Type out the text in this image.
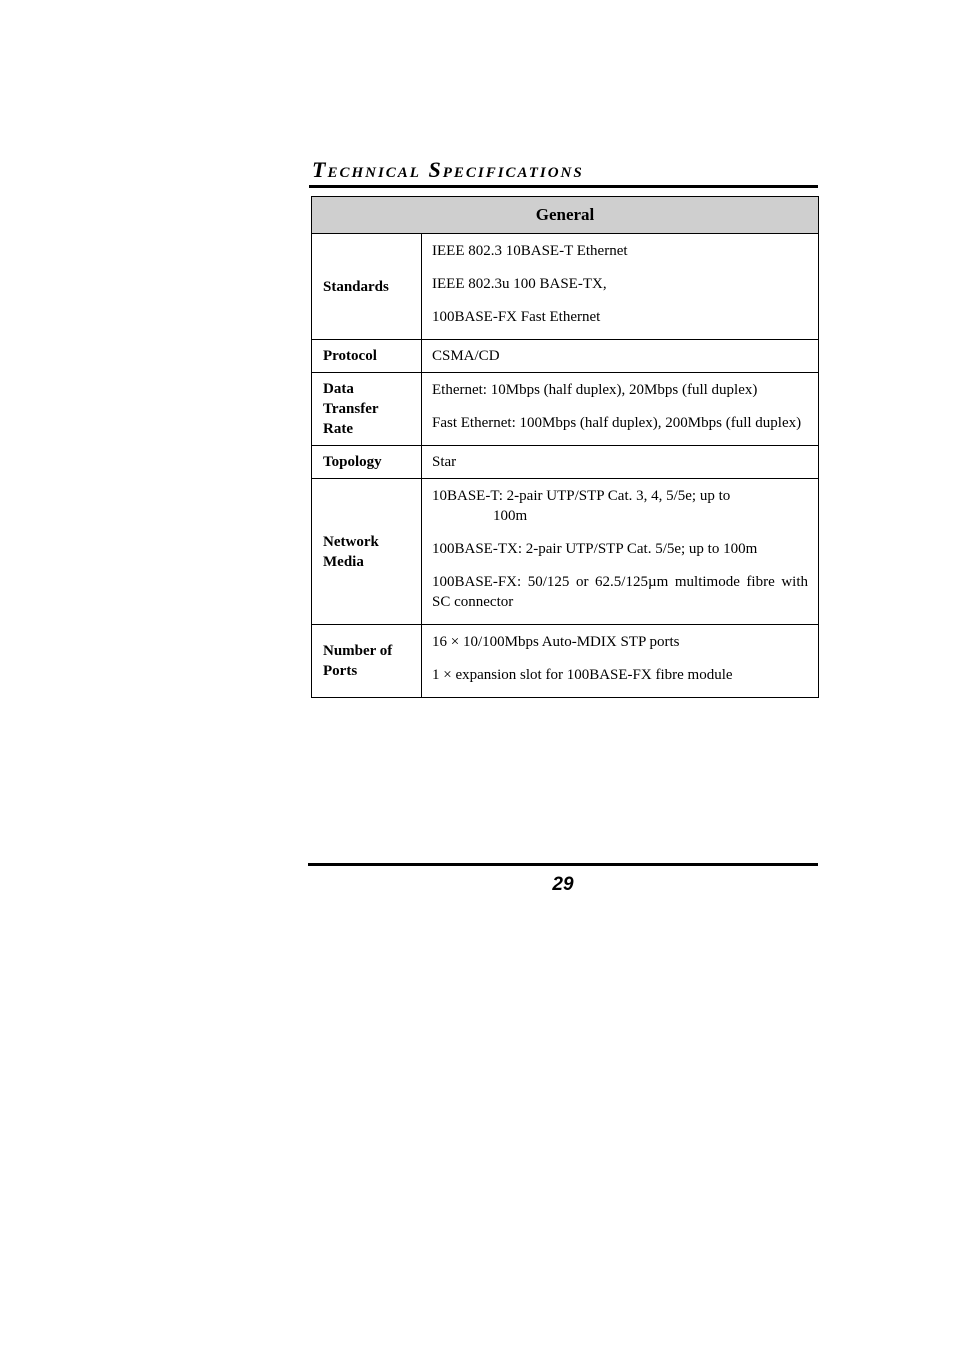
Technical Specifications
General	
Standards	IEEE 802.3 10BASE-T Ethernet

IEEE 802.3u 100 BASE-TX,

100BASE-FX Fast Ethernet

Protocol	CSMA/CD
Data Transfer Rate	Ethernet: 10Mbps (half duplex), 20Mbps (full duplex)

Fast Ethernet: 100Mbps (half duplex), 200Mbps (full duplex)

Topology	Star
Network Media	10BASE-T: 2-pair UTP/STP Cat. 3, 4, 5/5e; up to
100m

100BASE-TX: 2-pair UTP/STP Cat. 5/5e; up to 100m

100BASE-FX: 50/125 or 62.5/125µm multimode fibre with SC connector

Number of Ports	16 × 10/100Mbps Auto-MDIX STP ports

1 × expansion slot for 100BASE-FX fibre module

29
